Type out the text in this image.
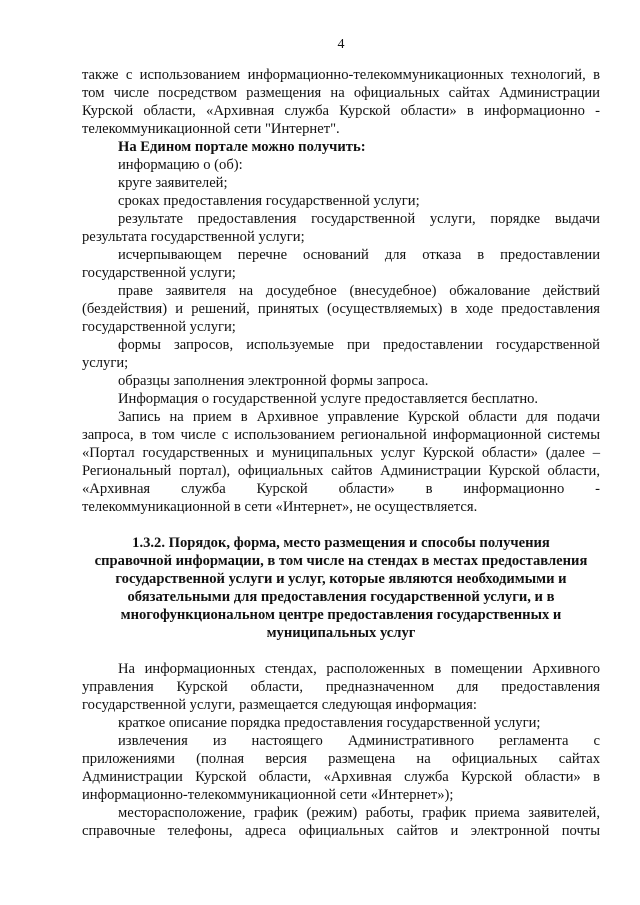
4
также с использованием информационно-телекоммуникационных технологий, в
том числе посредством размещения на официальных сайтах Администрации
Курской области, «Архивная служба Курской области» в информационно -
телекоммуникационной сети "Интернет".
На Едином портале можно получить:
информацию о (об):
круге заявителей;
сроках предоставления государственной услуги;
результате предоставления государственной услуги, порядке выдачи
результата государственной услуги;
исчерпывающем перечне оснований для отказа в предоставлении
государственной услуги;
праве заявителя на досудебное (внесудебное) обжалование действий
(бездействия) и решений, принятых (осуществляемых) в ходе предоставления
государственной услуги;
формы запросов, используемые при предоставлении государственной
услуги;
образцы заполнения электронной формы запроса.
Информация о государственной услуге предоставляется бесплатно.
Запись на прием в Архивное управление Курской области для подачи
запроса, в том числе с использованием региональной информационной системы
«Портал государственных и муниципальных услуг Курской области» (далее –
Региональный портал), официальных сайтов Администрации Курской области,
«Архивная служба Курской области» в информационно -
телекоммуникационной в сети «Интернет», не осуществляется.
1.3.2. Порядок, форма, место размещения и способы получения
справочной информации, в том числе на стендах в местах предоставления
государственной услуги и услуг, которые являются необходимыми и
обязательными для предоставления государственной услуги, и в
многофункциональном центре предоставления государственных и
муниципальных услуг
На информационных стендах, расположенных в помещении Архивного
управления Курской области, предназначенном для предоставления
государственной услуги, размещается следующая информация:
краткое описание порядка предоставления государственной услуги;
извлечения из настоящего Административного регламента с
приложениями (полная версия размещена на официальных сайтах
Администрации Курской области, «Архивная служба Курской области» в
информационно-телекоммуникационной сети «Интернет»);
месторасположение, график (режим) работы, график приема заявителей,
справочные телефоны, адреса официальных сайтов и электронной почты
